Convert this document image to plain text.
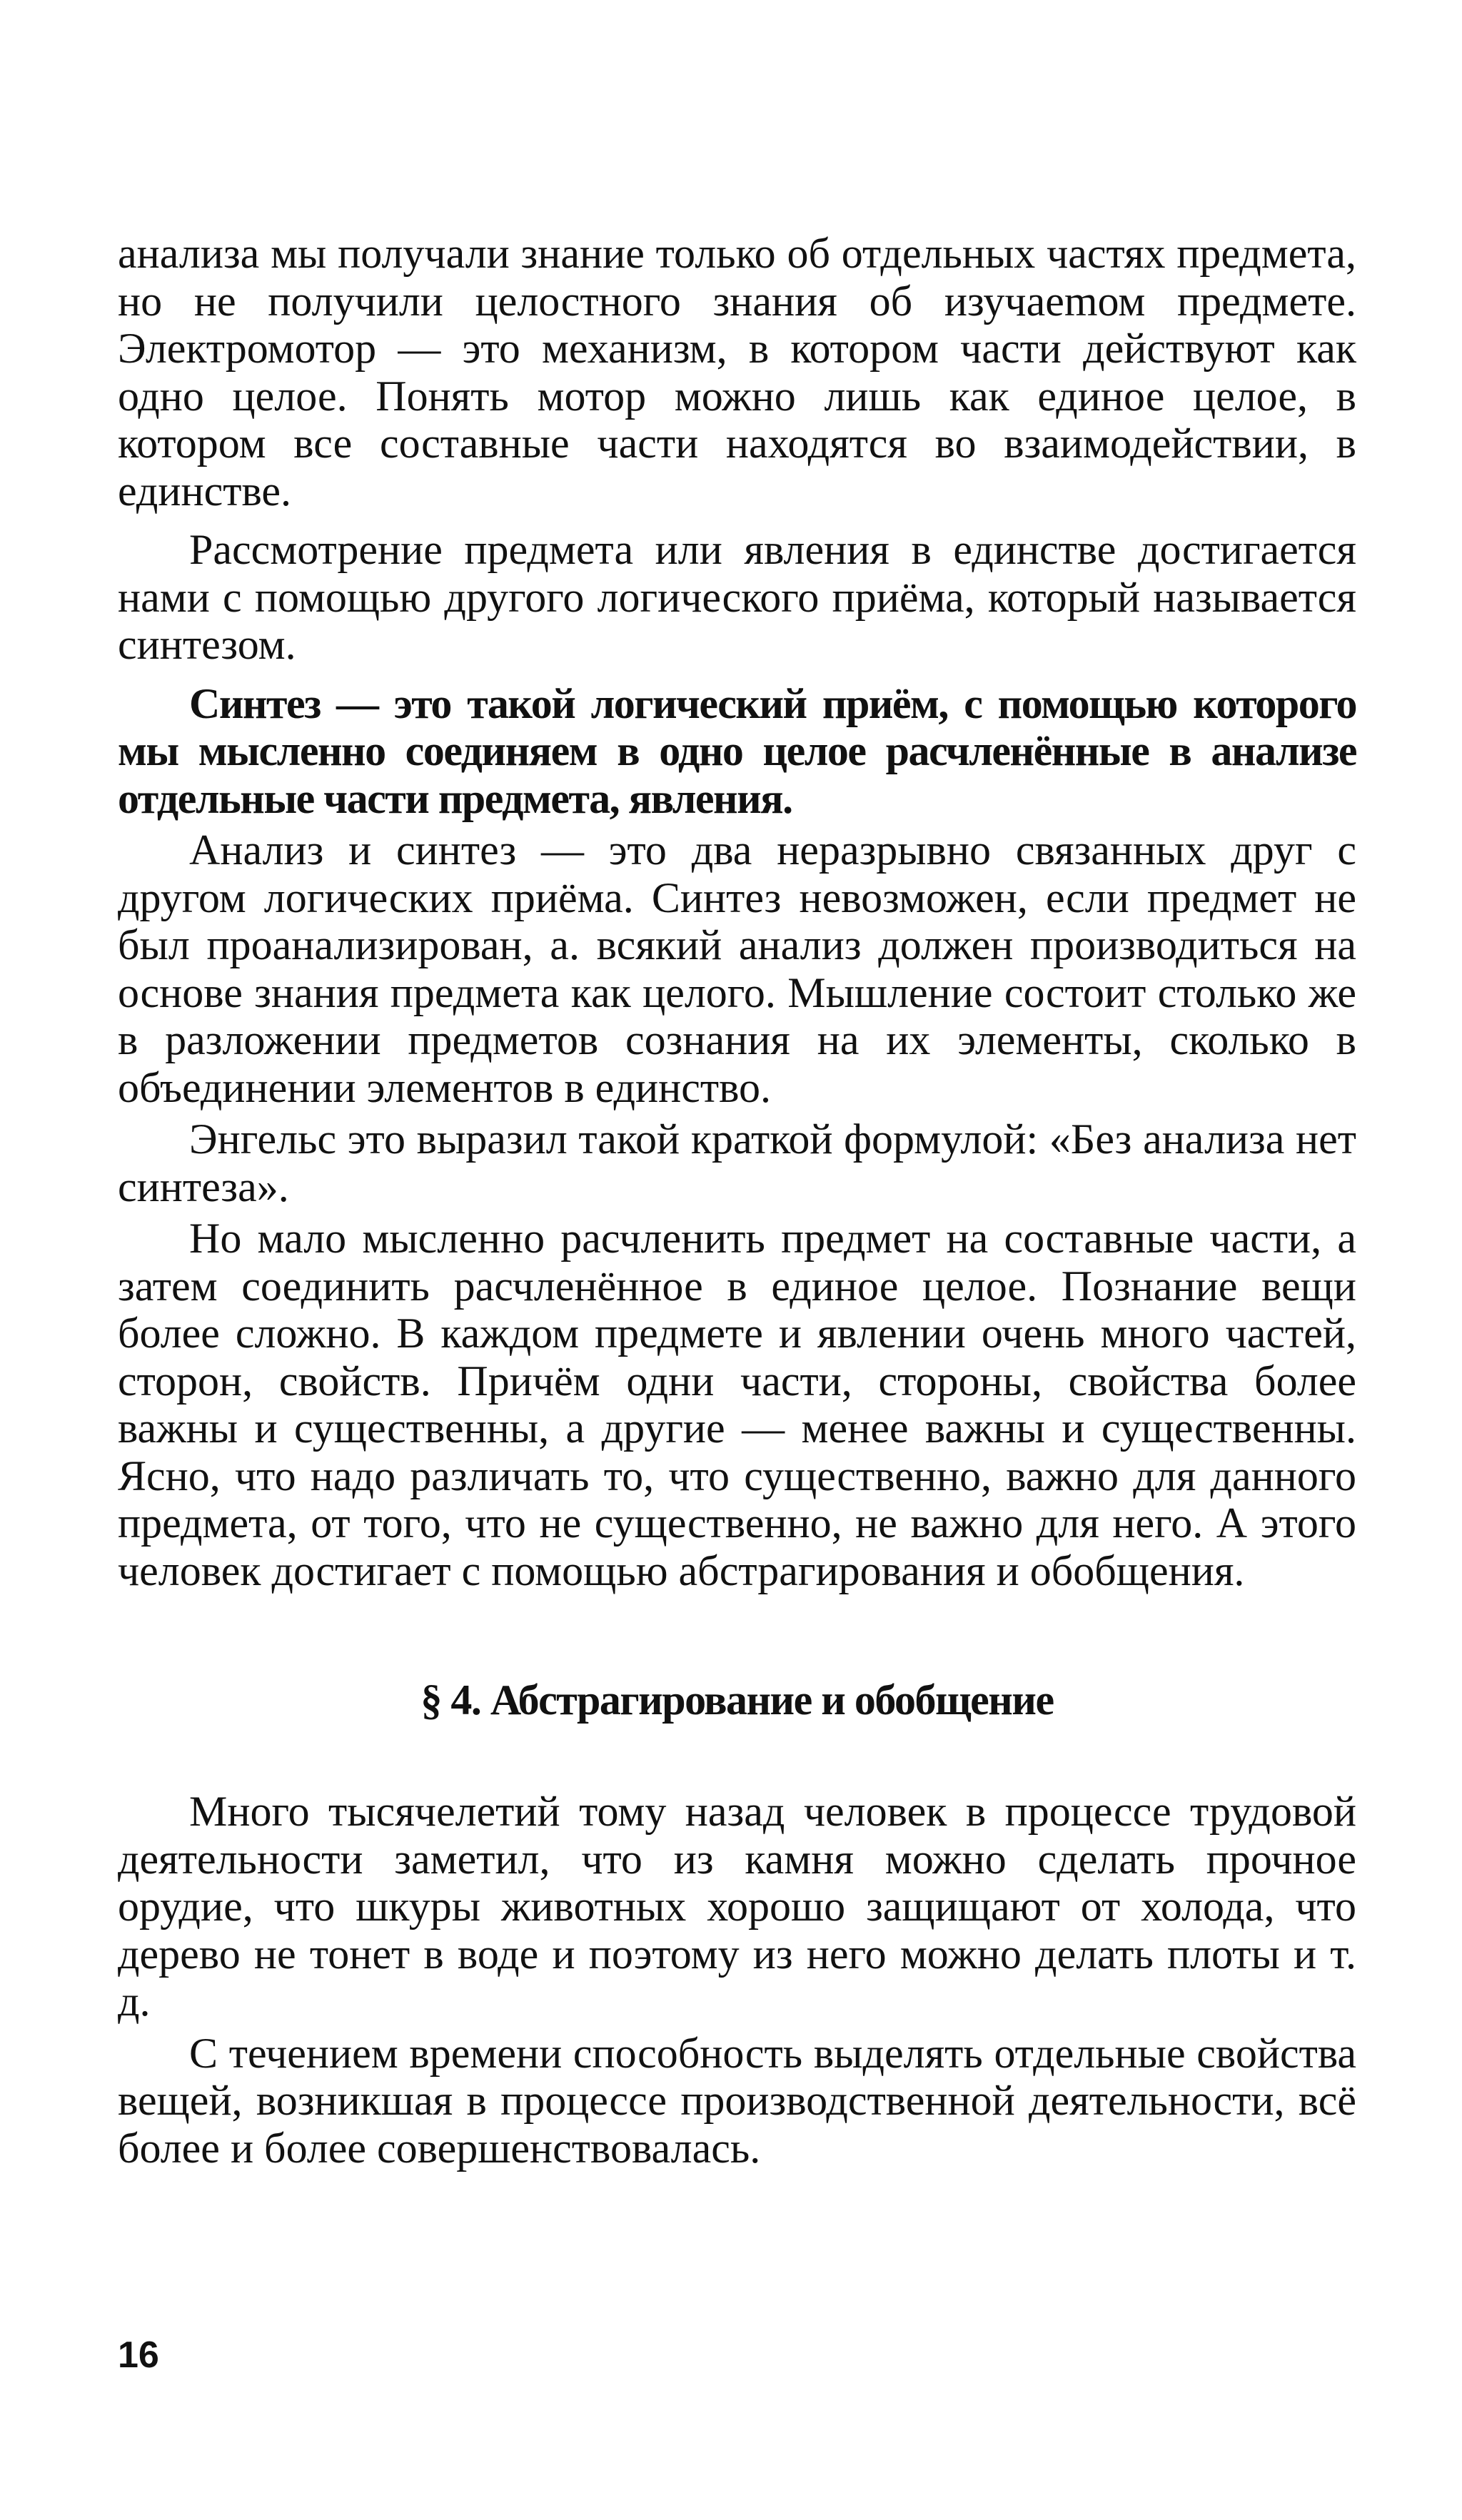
анализа мы получали знание только об отдельных частях предмета, но не получили целостного знания об изучаеmом предмете. Электромотор — это механизм, в котором части действуют как одно целое. Понять мотор можно лишь как единое целое, в котором все составные части находятся во взаимодействии, в единстве.

Рассмотрение предмета или явления в единстве достигается нами с помощью другого логического приёма, который называется синтезом.

Синтез — это такой логический приём, с помощью которого мы мысленно соединяем в одно целое расчленённые в анализе отдельные части предмета, явления.

Анализ и синтез — это два неразрывно связанных друг с другом логических приёма. Синтез невозможен, если предмет не был проанализирован, а. всякий анализ должен производиться на основе знания предмета как целого. Мышление состоит столько же в разложении предметов сознания на их элементы, сколько в объединении элементов в единство.

Энгельс это выразил такой краткой формулой: «Без анализа нет синтеза».

Но мало мысленно расчленить предмет на составные части, а затем соединить расчленённое в единое целое. Познание вещи более сложно. В каждом предмете и явлении очень много частей, сторон, свойств. Причём одни части, стороны, свойства более важны и существенны, а другие — менее важны и существенны. Ясно, что надо различать то, что существенно, важно для данного предмета, от того, что не существенно, не важно для него. А этого человек достигает с помощью абстрагирования и обобщения.

§ 4. Абстрагирование и обобщение

Много тысячелетий тому назад человек в процессе трудовой деятельности заметил, что из камня можно сделать прочное орудие, что шкуры животных хорошо защищают от холода, что дерево не тонет в воде и поэтому из него можно делать плоты и т. д.

С течением времени способность выделять отдельные свойства вещей, возникшая в процессе производственной деятельности, всё более и более совершенствовалась.

16
